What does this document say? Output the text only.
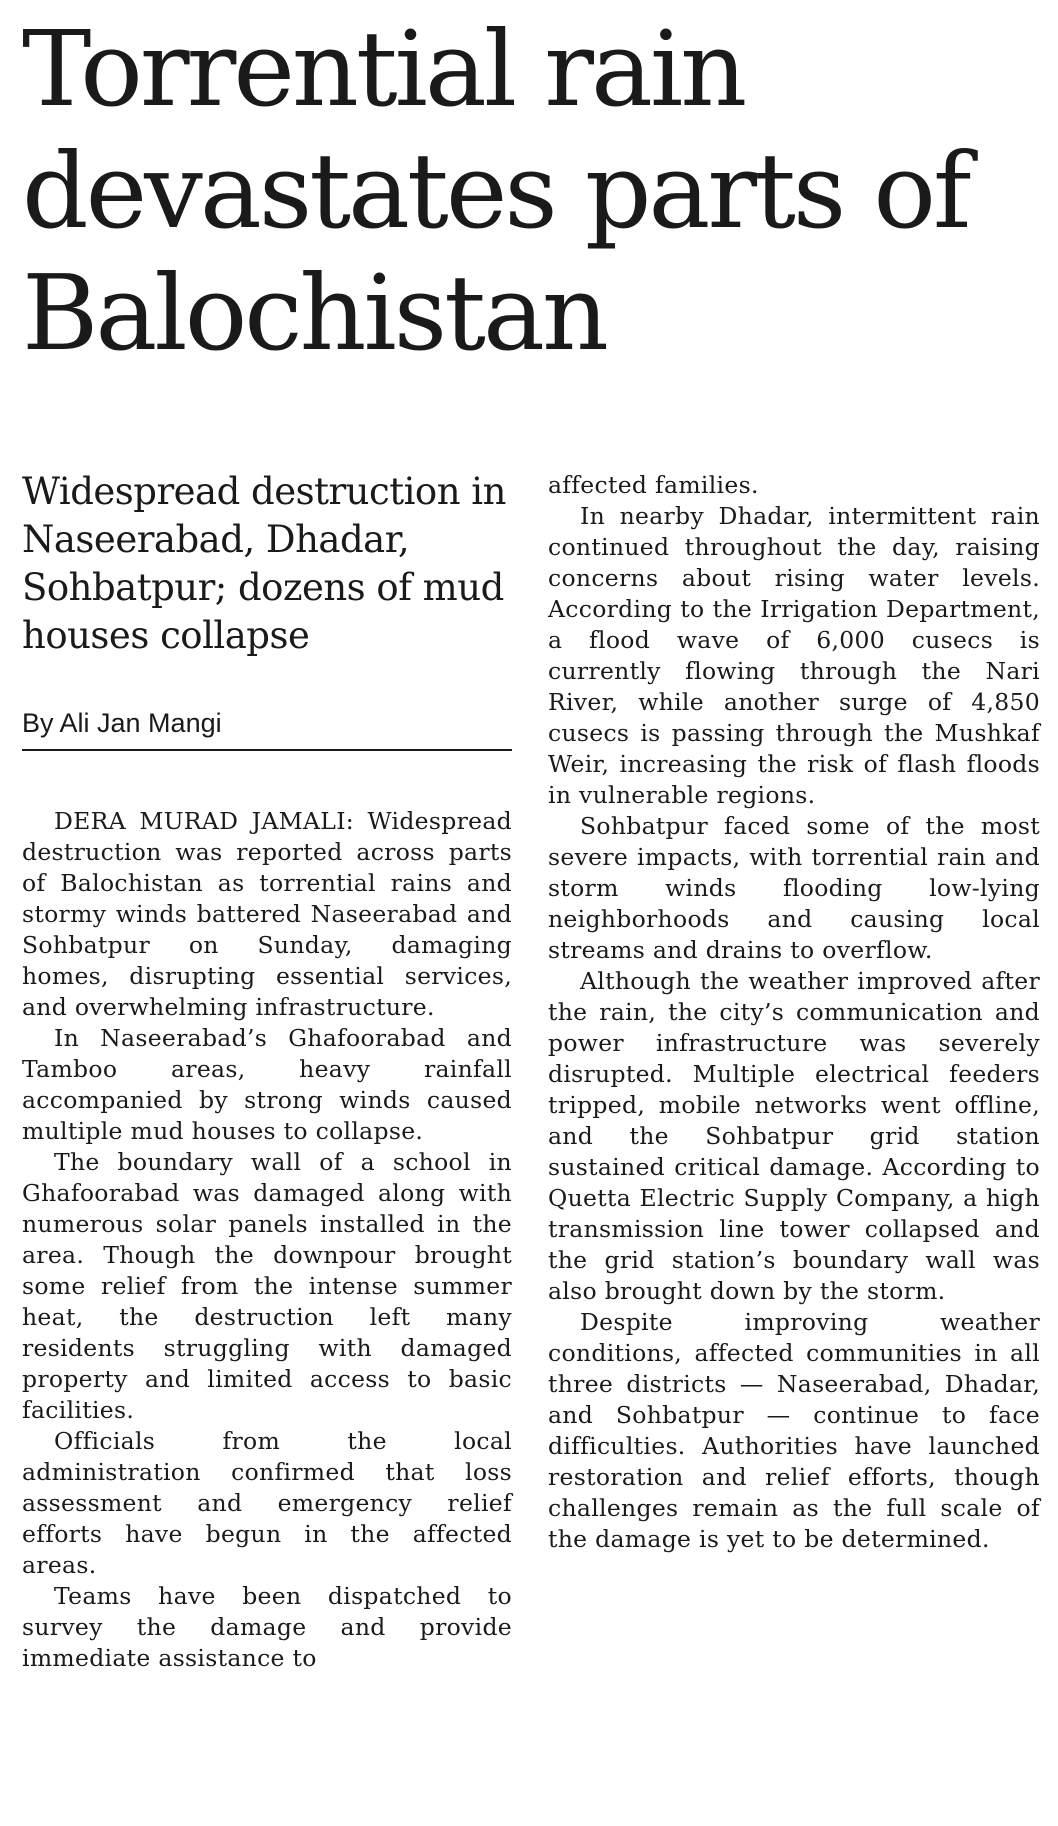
Torrential rain devastates parts of Balochistan
Widespread destruction in Naseerabad, Dhadar, Sohbatpur; dozens of mud houses collapse
By Ali Jan Mangi

DERA MURAD JAMALI: Widespread destruction was reported across parts of Balochistan as torrential rains and stormy winds battered Naseerabad and Sohbatpur on Sunday, damaging homes, disrupting essential services, and overwhelming infrastructure.

In Naseerabad’s Ghafoorabad and Tamboo areas, heavy rainfall accompanied by strong winds caused multiple mud houses to collapse.

The boundary wall of a school in Ghafoorabad was damaged along with numerous solar panels installed in the area. Though the downpour brought some relief from the intense summer heat, the destruction left many residents struggling with damaged property and limited access to basic facilities.

Officials from the local administration confirmed that loss assessment and emergency relief efforts have begun in the affected areas.

Teams have been dispatched to survey the damage and provide immediate assistance to

affected families.

In nearby Dhadar, intermittent rain continued throughout the day, raising concerns about rising water levels. According to the Irrigation Department, a flood wave of 6,000 cusecs is currently flowing through the Nari River, while another surge of 4,850 cusecs is passing through the Mushkaf Weir, increasing the risk of flash floods in vulnerable regions.

Sohbatpur faced some of the most severe impacts, with torrential rain and storm winds flooding low-lying neighborhoods and causing local streams and drains to overflow.

Although the weather improved after the rain, the city’s communication and power infrastructure was severely disrupted. Multiple electrical feeders tripped, mobile networks went offline, and the Sohbatpur grid station sustained critical damage. According to Quetta Electric Supply Company, a high transmission line tower collapsed and the grid station’s boundary wall was also brought down by the storm.

Despite improving weather conditions, affected communities in all three districts — Naseerabad, Dhadar, and Sohbatpur — continue to face difficulties. Authorities have launched restoration and relief efforts, though challenges remain as the full scale of the damage is yet to be determined.
